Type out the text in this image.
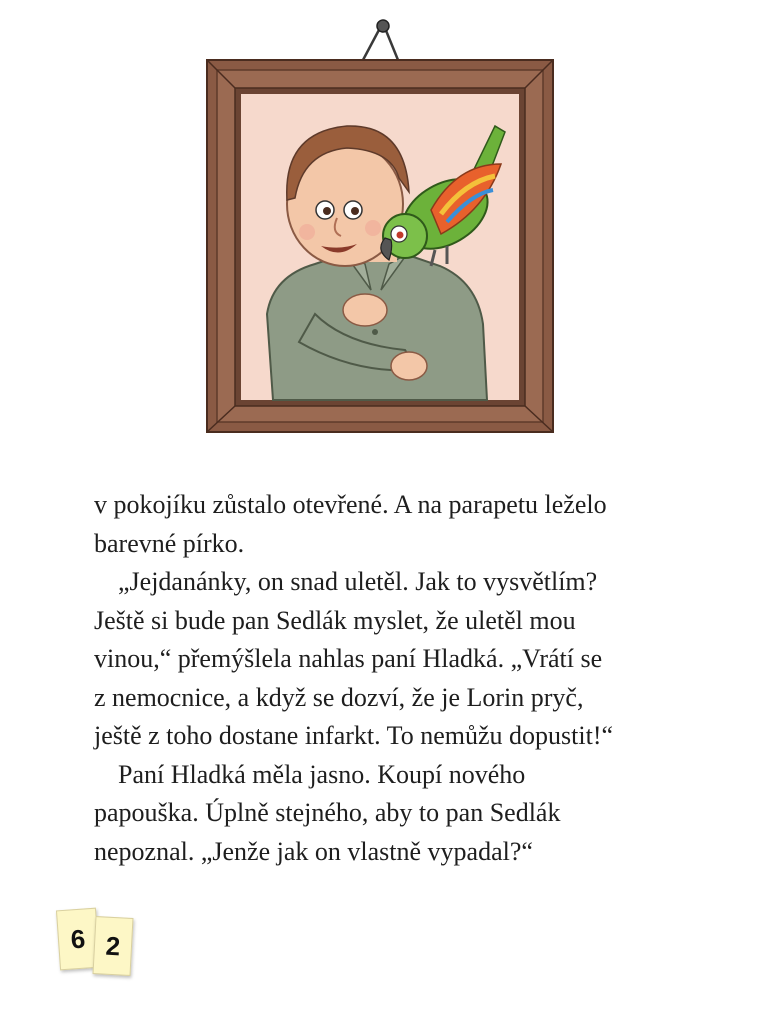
v pokojíku zůstalo otevřené. A na parapetu leželo
barevné pírko.
„Jejdanánky, on snad uletěl. Jak to vysvětlím?
Ještě si bude pan Sedlák myslet, že uletěl mou
vinou,“ přemýšlela nahlas paní Hladká. „Vrátí se
z nemocnice, a když se dozví, že je Lorin pryč,
ještě z toho dostane infarkt. To nemůžu dopustit!“
Paní Hladká měla jasno. Koupí nového
papouška. Úplně stejného, aby to pan Sedlák
nepoznal. „Jenže jak on vlastně vypadal?“
6 2
